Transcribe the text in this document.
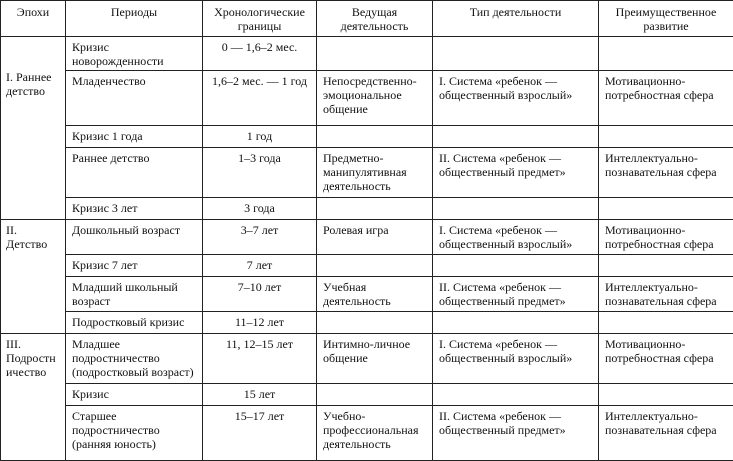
Эпохи	Периоды	Хронологические границы	Ведущая деятельность	Тип деятельности	Преимущественное развитие

I. Раннее детство	Кризис новорожденности	0 — 1,6–2 мес.			
	Младенчество	1,6–2 мес. — 1 год	Непосредственно-эмоциональное общение	I. Система «ребенок — общественный взрослый»	Мотивационно-потребностная сфера
	Кризис 1 года	1 год			
	Раннее детство	1–3 года	Предметно-манипулятивная деятельность	II. Система «ребенок — общественный предмет»	Интеллектуально-познавательная сфера
	Кризис 3 лет	3 года			

II. Детство	Дошкольный возраст	3–7 лет	Ролевая игра	I. Система «ребенок — общественный взрослый»	Мотивационно-потребностная сфера
	Кризис 7 лет	7 лет			
	Младший школьный возраст	7–10 лет	Учебная деятельность	II. Система «ребенок — общественный предмет»	Интеллектуально-познавательная сфера
	Подростковый кризис	11–12 лет			

III. Подростничество	Младшее подростничество (подростковый возраст)	11, 12–15 лет	Интимно-личное общение	I. Система «ребенок — общественный взрослый»	Мотивационно-потребностная сфера
	Кризис	15 лет			
	Старшее подростничество (ранняя юность)	15–17 лет	Учебно-профессиональная деятельность	II. Система «ребенок — общественный предмет»	Интеллектуально-познавательная сфера
